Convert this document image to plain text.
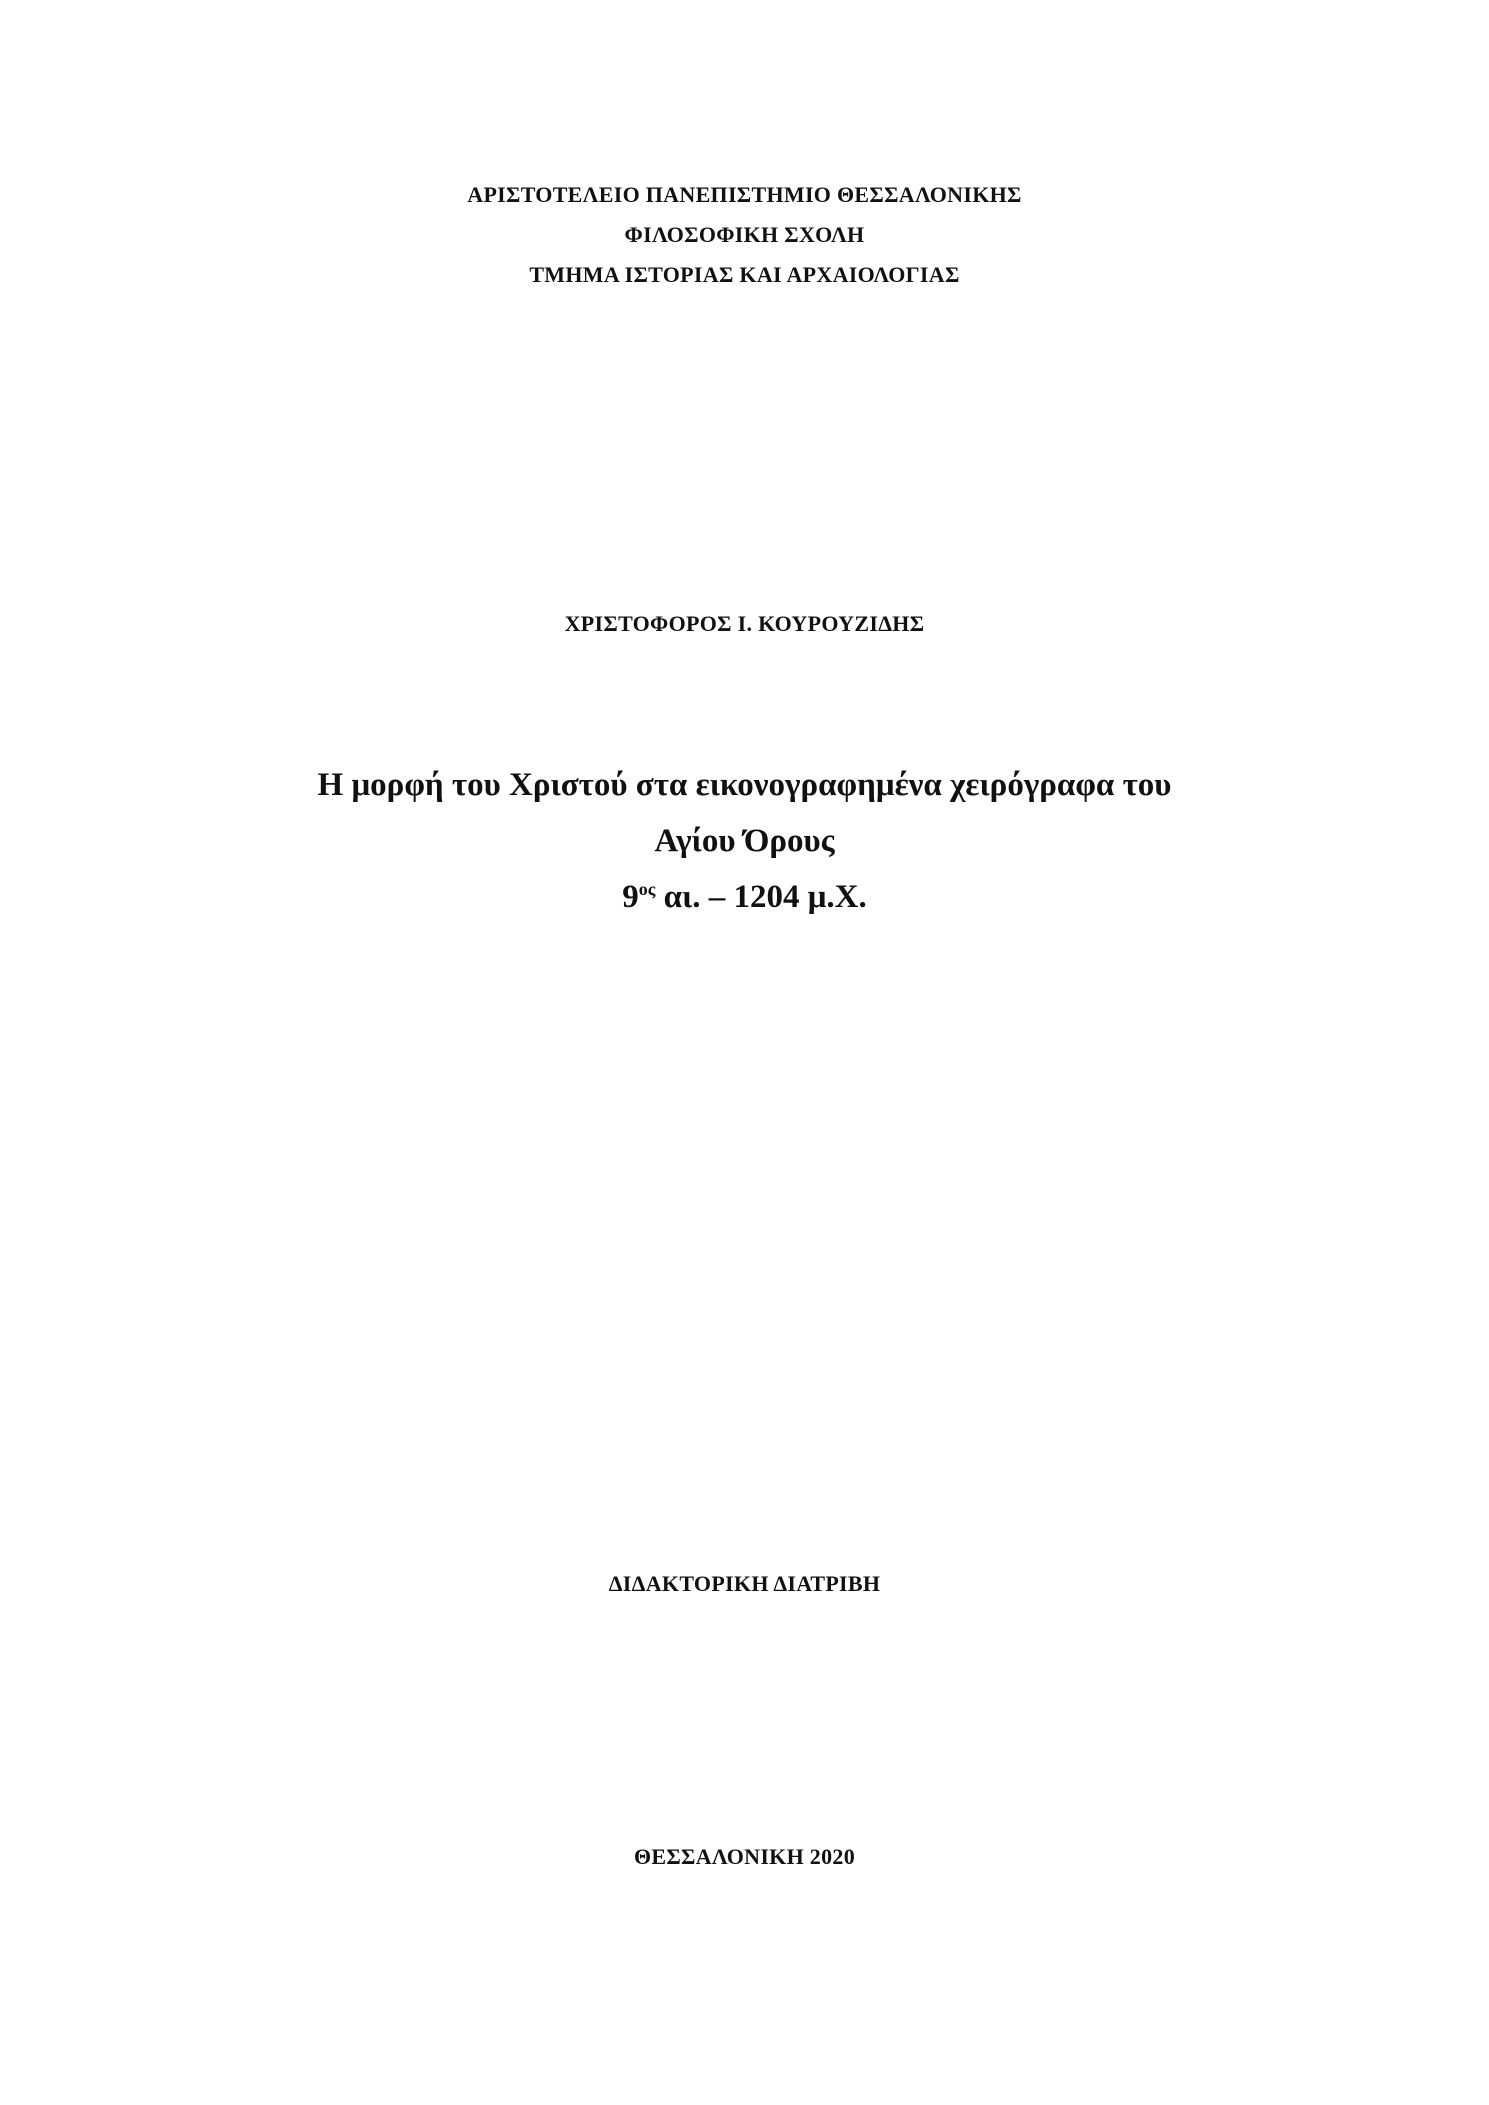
ΑΡΙΣΤΟΤΕΛΕΙΟ ΠΑΝΕΠΙΣΤΗΜΙΟ ΘΕΣΣΑΛΟΝΙΚΗΣ

ΦΙΛΟΣΟΦΙΚΗ ΣΧΟΛΗ

ΤΜΗΜΑ ΙΣΤΟΡΙΑΣ ΚΑΙ ΑΡΧΑΙΟΛΟΓΙΑΣ

ΧΡΙΣΤΟΦΟΡΟΣ Ι. ΚΟΥΡΟΥΖΙΔΗΣ

Η μορφή του Χριστού στα εικονογραφημένα χειρόγραφα του

Αγίου Όρους

$9^{o\varsigma}$ αι. – 1204 μ.Χ.

ΔΙΔΑΚΤΟΡΙΚΗ ΔΙΑΤΡΙΒΗ

ΘΕΣΣΑΛΟΝΙΚΗ 2020
